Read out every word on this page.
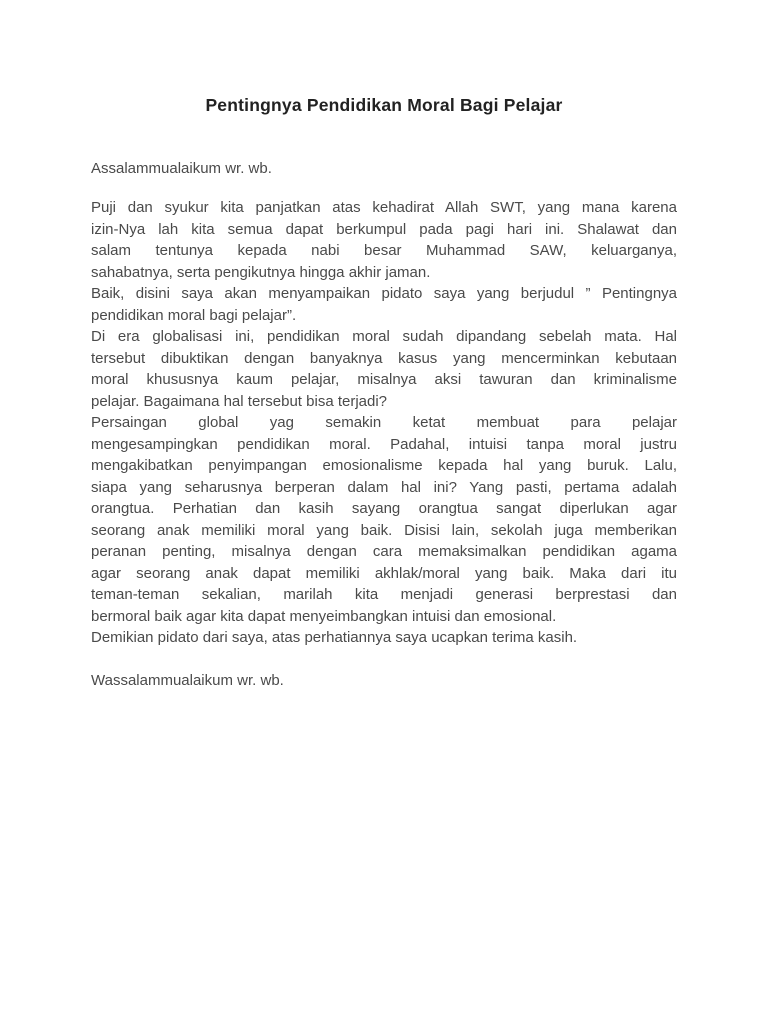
Pentingnya Pendidikan Moral Bagi Pelajar
Assalammualaikum wr. wb.
Puji dan syukur kita panjatkan atas kehadirat Allah SWT, yang mana karena
izin-Nya lah kita semua dapat berkumpul pada pagi hari ini. Shalawat dan
salam tentunya kepada nabi besar Muhammad SAW, keluarganya,
sahabatnya, serta pengikutnya hingga akhir jaman.
Baik, disini saya akan menyampaikan pidato saya yang berjudul ” Pentingnya
pendidikan moral bagi pelajar”.
Di era globalisasi ini, pendidikan moral sudah dipandang sebelah mata. Hal
tersebut dibuktikan dengan banyaknya kasus yang mencerminkan kebutaan
moral khususnya kaum pelajar, misalnya aksi tawuran dan kriminalisme
pelajar. Bagaimana hal tersebut bisa terjadi?
Persaingan global yag semakin ketat membuat para pelajar
mengesampingkan pendidikan moral. Padahal, intuisi tanpa moral justru
mengakibatkan penyimpangan emosionalisme kepada hal yang buruk. Lalu,
siapa yang seharusnya berperan dalam hal ini? Yang pasti, pertama adalah
orangtua. Perhatian dan kasih sayang orangtua sangat diperlukan agar
seorang anak memiliki moral yang baik. Disisi lain, sekolah juga memberikan
peranan penting, misalnya dengan cara memaksimalkan pendidikan agama
agar seorang anak dapat memiliki akhlak/moral yang baik. Maka dari itu
teman-teman sekalian, marilah kita menjadi generasi berprestasi dan
bermoral baik agar kita dapat menyeimbangkan intuisi dan emosional.
Demikian pidato dari saya, atas perhatiannya saya ucapkan terima kasih.
Wassalammualaikum wr. wb.
